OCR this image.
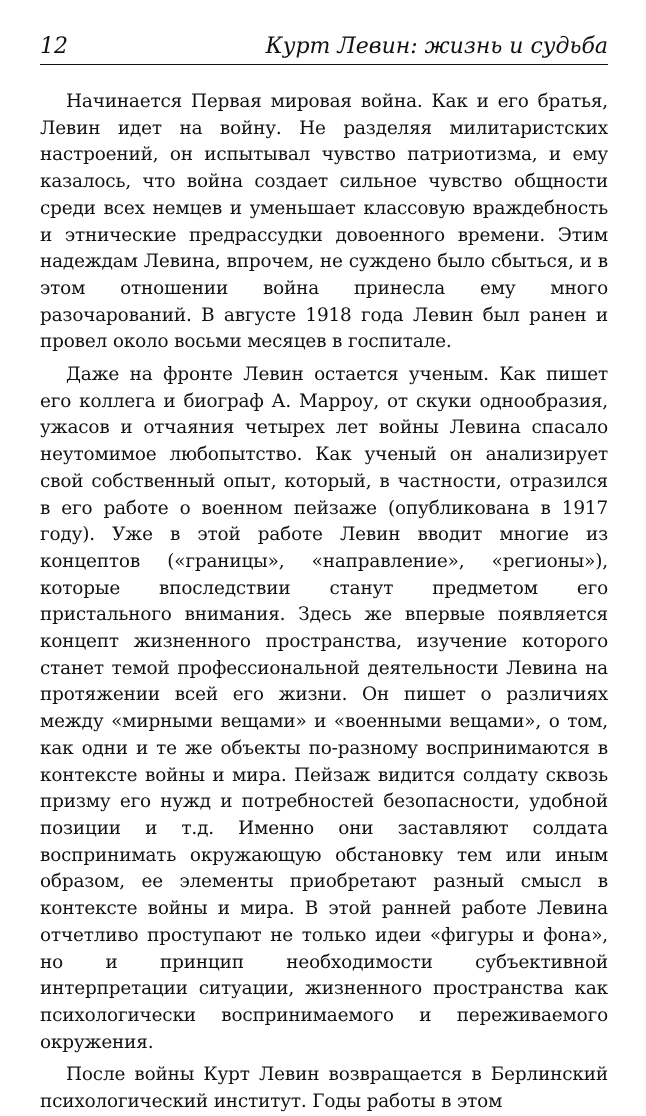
12	Курт Левин: жизнь и судьба

Начинается Первая мировая война. Как и его братья, Левин идет на войну. Не разделяя милитаристских настроений, он испытывал чувство патриотизма, и ему казалось, что война создает сильное чувство общности среди всех немцев и уменьшает классовую враждебность и этнические предрассудки довоенного времени. Этим надеждам Левина, впрочем, не суждено было сбыться, и в этом отношении война принесла ему много разочарований. В августе 1918 года Левин был ранен и провел около восьми месяцев в госпитале.

Даже на фронте Левин остается ученым. Как пишет его коллега и биограф А. Марроу, от скуки однообразия, ужасов и отчаяния четырех лет войны Левина спасало неутомимое любопытство. Как ученый он анализирует свой собственный опыт, который, в частности, отразился в его работе о военном пейзаже (опубликована в 1917 году). Уже в этой работе Левин вводит многие из концептов («границы», «направление», «регионы»), которые впоследствии станут предметом его пристального внимания. Здесь же впервые появляется концепт жизненного пространства, изучение которого станет темой профессиональной деятельности Левина на протяжении всей его жизни. Он пишет о различиях между «мирными вещами» и «военными вещами», о том, как одни и те же объекты по-разному воспринимаются в контексте войны и мира. Пейзаж видится солдату сквозь призму его нужд и потребностей безопасности, удобной позиции и т.д. Именно они заставляют солдата воспринимать окружающую обстановку тем или иным образом, ее элементы приобретают разный смысл в контексте войны и мира. В этой ранней работе Левина отчетливо проступают не только идеи «фигуры и фона», но и принцип необходимости субъективной интерпретации ситуации, жизненного пространства как психологически воспринимаемого и переживаемого окружения.

После войны Курт Левин возвращается в Берлинский психологический институт. Годы работы в этом
